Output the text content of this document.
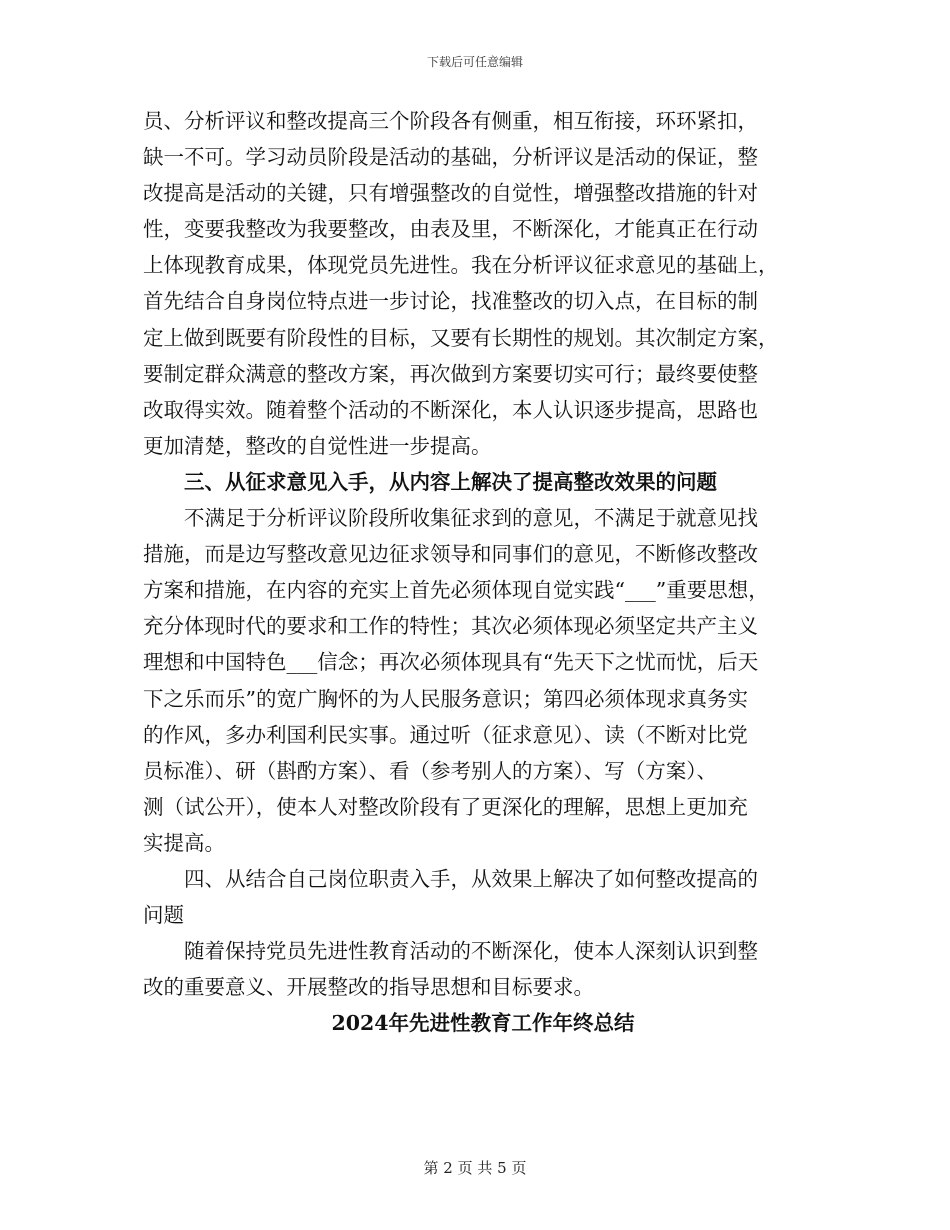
下载后可任意编辑
员、分析评议和整改提高三个阶段各有侧重，相互衔接，环环紧扣，
缺一不可。学习动员阶段是活动的基础，分析评议是活动的保证，整
改提高是活动的关键，只有增强整改的自觉性，增强整改措施的针对
性，变要我整改为我要整改，由表及里，不断深化，才能真正在行动
上体现教育成果，体现党员先进性。我在分析评议征求意见的基础上，
首先结合自身岗位特点进一步讨论，找准整改的切入点，在目标的制
定上做到既要有阶段性的目标，又要有长期性的规划。其次制定方案，
要制定群众满意的整改方案，再次做到方案要切实可行；最终要使整
改取得实效。随着整个活动的不断深化，本人认识逐步提高，思路也
更加清楚，整改的自觉性进一步提高。
三、从征求意见入手，从内容上解决了提高整改效果的问题
不满足于分析评议阶段所收集征求到的意见，不满足于就意见找
措施，而是边写整改意见边征求领导和同事们的意见，不断修改整改
方案和措施，在内容的充实上首先必须体现自觉实践“___”重要思想，
充分体现时代的要求和工作的特性；其次必须体现必须坚定共产主义
理想和中国特色___信念；再次必须体现具有“先天下之忧而忧，后天
下之乐而乐”的宽广胸怀的为人民服务意识；第四必须体现求真务实
的作风，多办利国利民实事。通过听（征求意见）、读（不断对比党
员标准）、研（斟酌方案）、看（参考别人的方案）、写（方案）、
测（试公开），使本人对整改阶段有了更深化的理解，思想上更加充
实提高。
四、从结合自己岗位职责入手，从效果上解决了如何整改提高的
问题
随着保持党员先进性教育活动的不断深化，使本人深刻认识到整
改的重要意义、开展整改的指导思想和目标要求。
2024年先进性教育工作年终总结
第 2 页 共 5 页
